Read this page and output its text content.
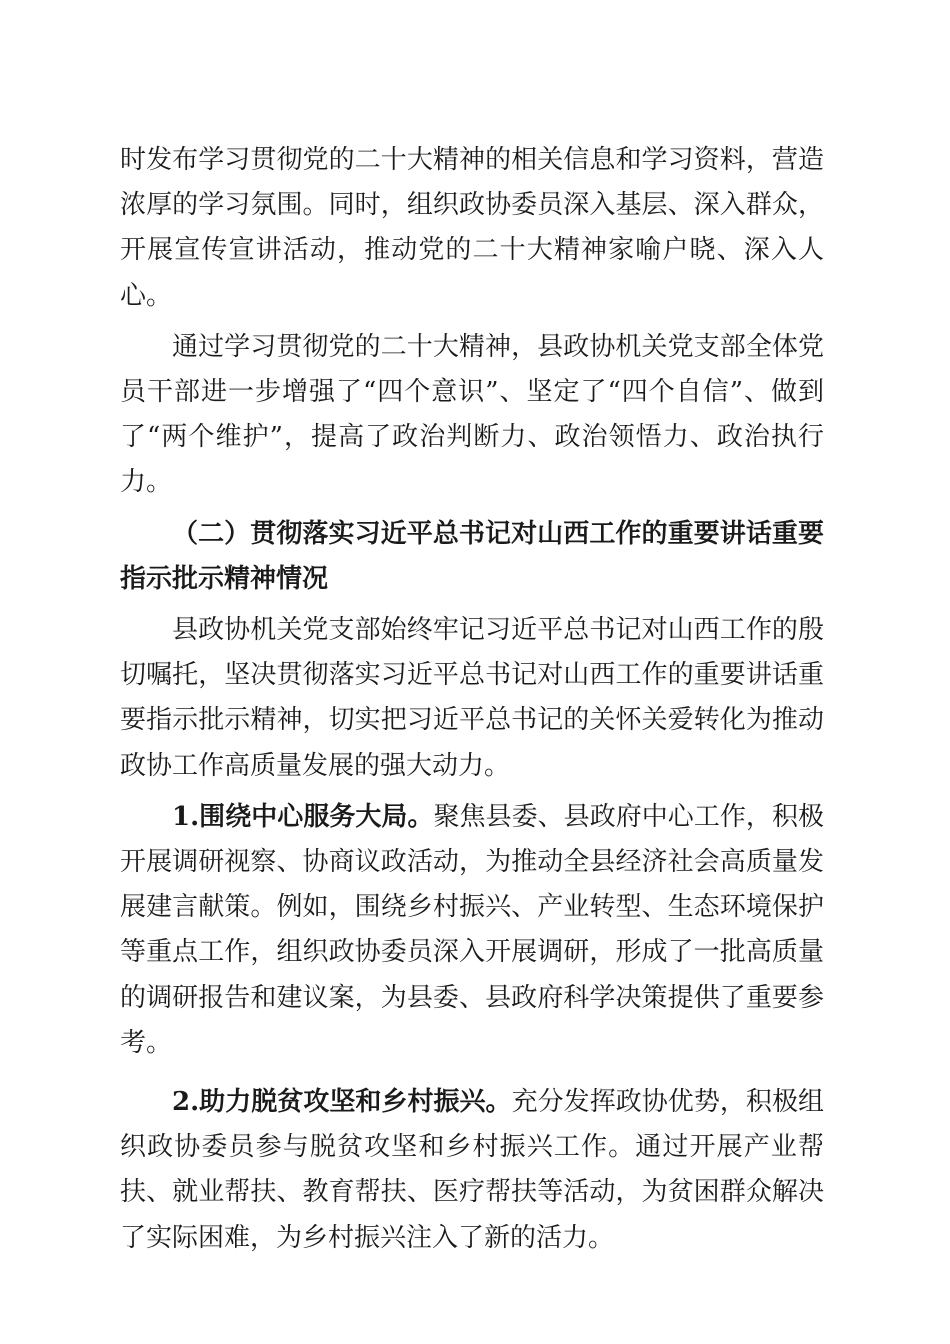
时发布学习贯彻党的二十大精神的相关信息和学习资料，营造浓厚的学习氛围。同时，组织政协委员深入基层、深入群众，开展宣传宣讲活动，推动党的二十大精神家喻户晓、深入人心。

通过学习贯彻党的二十大精神，县政协机关党支部全体党员干部进一步增强了“四个意识”、坚定了“四个自信”、做到了“两个维护”，提高了政治判断力、政治领悟力、政治执行力。

（二）贯彻落实习近平总书记对山西工作的重要讲话重要指示批示精神情况

县政协机关党支部始终牢记习近平总书记对山西工作的殷切嘱托，坚决贯彻落实习近平总书记对山西工作的重要讲话重要指示批示精神，切实把习近平总书记的关怀关爱转化为推动政协工作高质量发展的强大动力。

1.围绕中心服务大局。聚焦县委、县政府中心工作，积极开展调研视察、协商议政活动，为推动全县经济社会高质量发展建言献策。例如，围绕乡村振兴、产业转型、生态环境保护等重点工作，组织政协委员深入开展调研，形成了一批高质量的调研报告和建议案，为县委、县政府科学决策提供了重要参考。

2.助力脱贫攻坚和乡村振兴。充分发挥政协优势，积极组织政协委员参与脱贫攻坚和乡村振兴工作。通过开展产业帮扶、就业帮扶、教育帮扶、医疗帮扶等活动，为贫困群众解决了实际困难，为乡村振兴注入了新的活力。
